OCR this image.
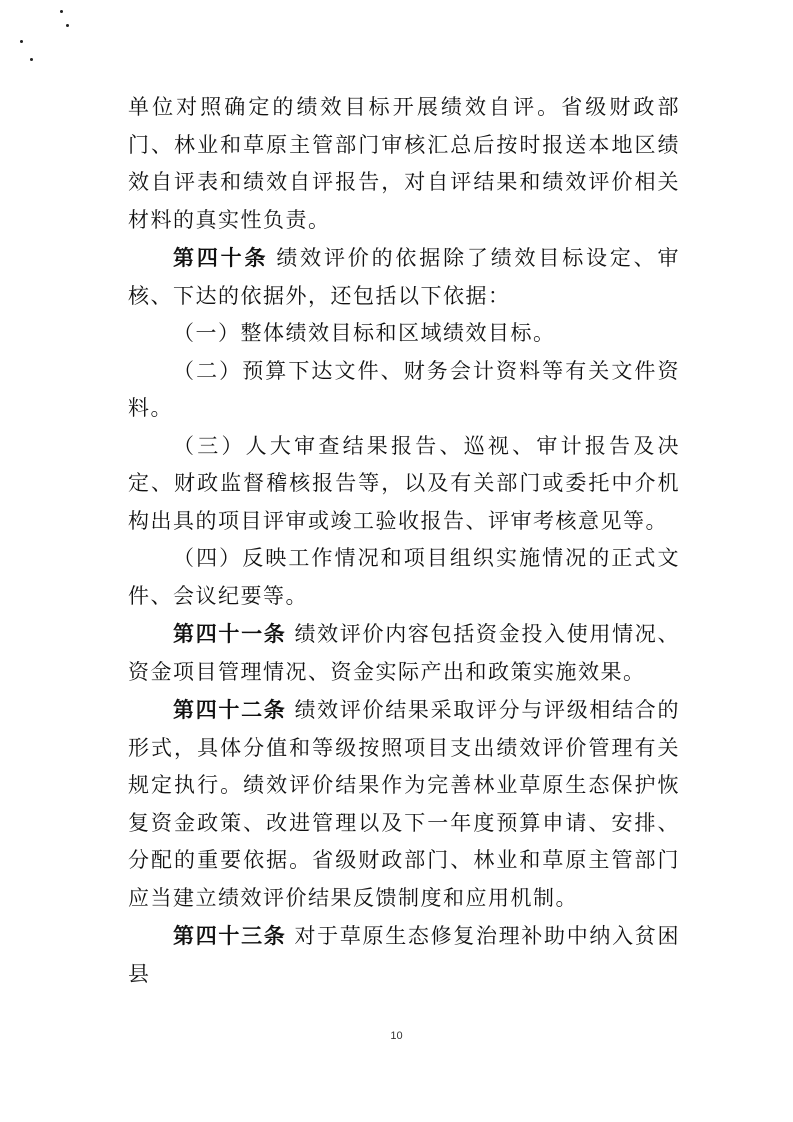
单位对照确定的绩效目标开展绩效自评。省级财政部门、林业和草原主管部门审核汇总后按时报送本地区绩效自评表和绩效自评报告，对自评结果和绩效评价相关材料的真实性负责。

第四十条 绩效评价的依据除了绩效目标设定、审核、下达的依据外，还包括以下依据：

（一）整体绩效目标和区域绩效目标。

（二）预算下达文件、财务会计资料等有关文件资料。

（三）人大审查结果报告、巡视、审计报告及决定、财政监督稽核报告等，以及有关部门或委托中介机构出具的项目评审或竣工验收报告、评审考核意见等。

（四）反映工作情况和项目组织实施情况的正式文件、会议纪要等。

第四十一条 绩效评价内容包括资金投入使用情况、资金项目管理情况、资金实际产出和政策实施效果。

第四十二条 绩效评价结果采取评分与评级相结合的形式，具体分值和等级按照项目支出绩效评价管理有关规定执行。绩效评价结果作为完善林业草原生态保护恢复资金政策、改进管理以及下一年度预算申请、安排、分配的重要依据。省级财政部门、林业和草原主管部门应当建立绩效评价结果反馈制度和应用机制。

第四十三条 对于草原生态修复治理补助中纳入贫困县

10
